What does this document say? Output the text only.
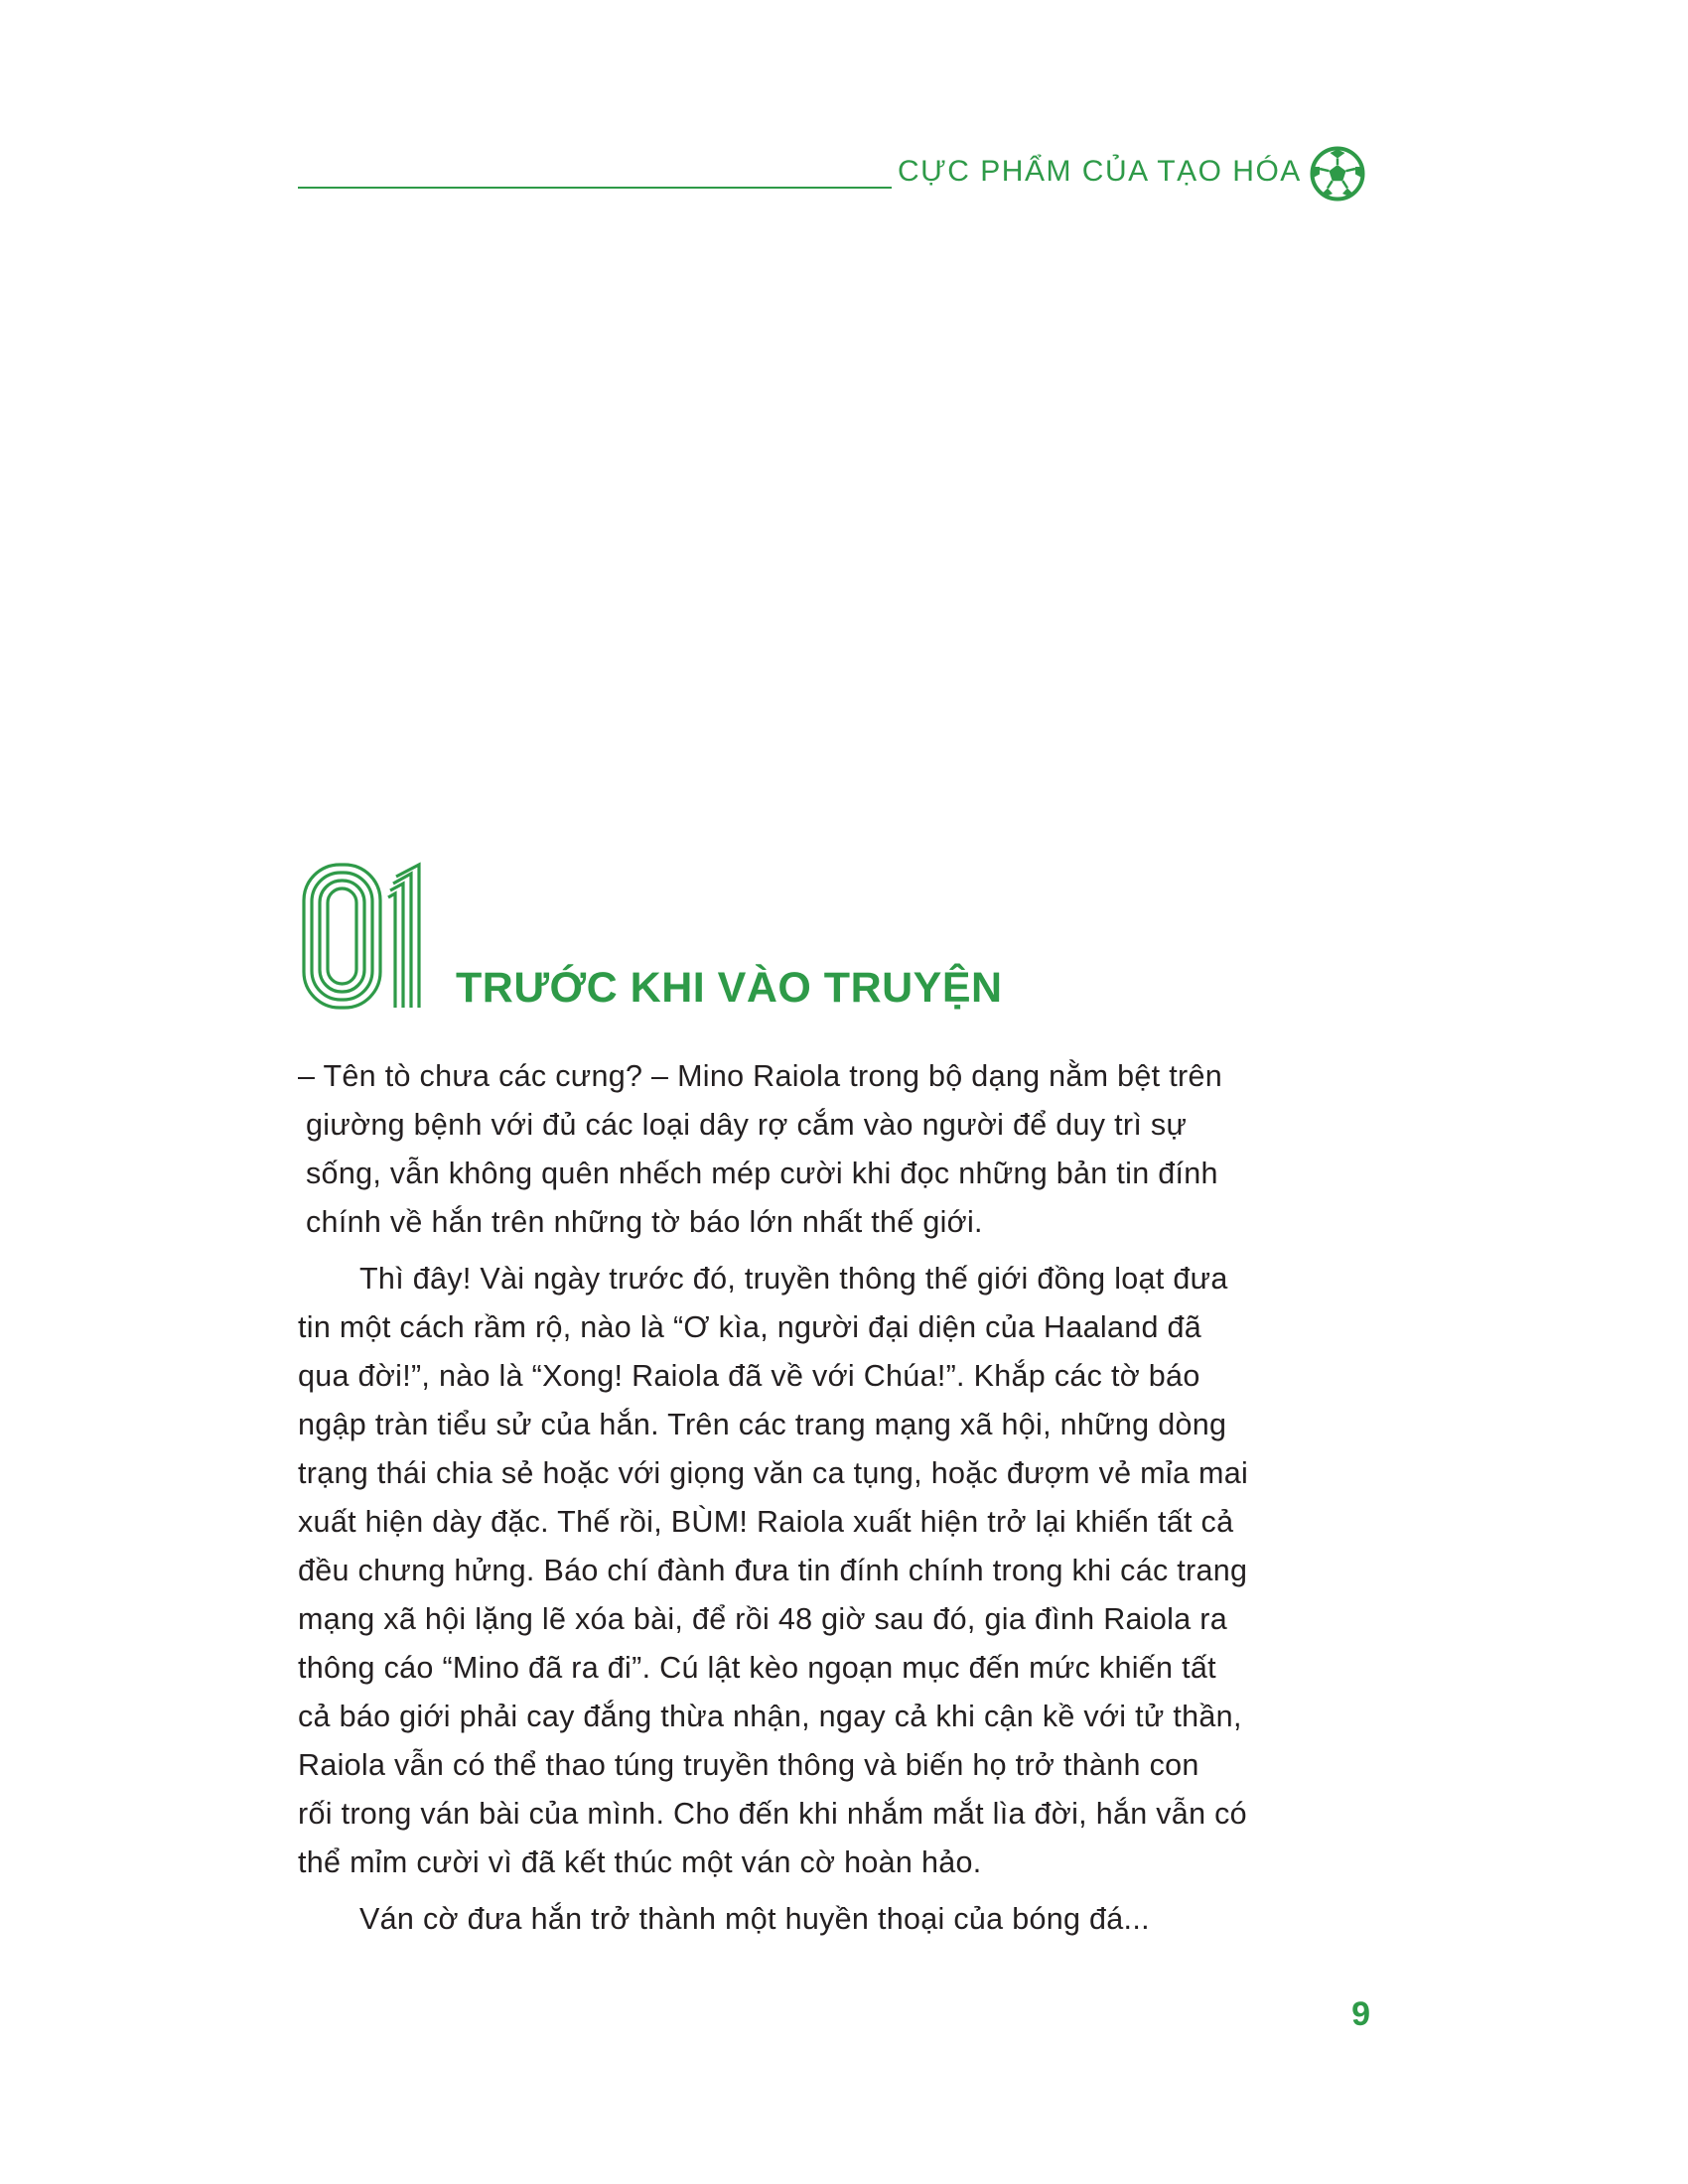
CỰC PHẨM CỦA TẠO HÓA
TRƯỚC KHI VÀO TRUYỆN

– Tên tò chưa các cưng? – Mino Raiola trong bộ dạng nằm bệt trên
giường bệnh với đủ các loại dây rợ cắm vào người để duy trì sự
sống, vẫn không quên nhếch mép cười khi đọc những bản tin đính
chính về hắn trên những tờ báo lớn nhất thế giới.

Thì đây! Vài ngày trước đó, truyền thông thế giới đồng loạt đưa
tin một cách rầm rộ, nào là “Ơ kìa, người đại diện của Haaland đã
qua đời!”, nào là “Xong! Raiola đã về với Chúa!”. Khắp các tờ báo
ngập tràn tiểu sử của hắn. Trên các trang mạng xã hội, những dòng
trạng thái chia sẻ hoặc với giọng văn ca tụng, hoặc đượm vẻ mỉa mai
xuất hiện dày đặc. Thế rồi, BÙM! Raiola xuất hiện trở lại khiến tất cả
đều chưng hửng. Báo chí đành đưa tin đính chính trong khi các trang
mạng xã hội lặng lẽ xóa bài, để rồi 48 giờ sau đó, gia đình Raiola ra
thông cáo “Mino đã ra đi”. Cú lật kèo ngoạn mục đến mức khiến tất
cả báo giới phải cay đắng thừa nhận, ngay cả khi cận kề với tử thần,
Raiola vẫn có thể thao túng truyền thông và biến họ trở thành con
rối trong ván bài của mình. Cho đến khi nhắm mắt lìa đời, hắn vẫn có
thể mỉm cười vì đã kết thúc một ván cờ hoàn hảo.

Ván cờ đưa hắn trở thành một huyền thoại của bóng đá...

9
